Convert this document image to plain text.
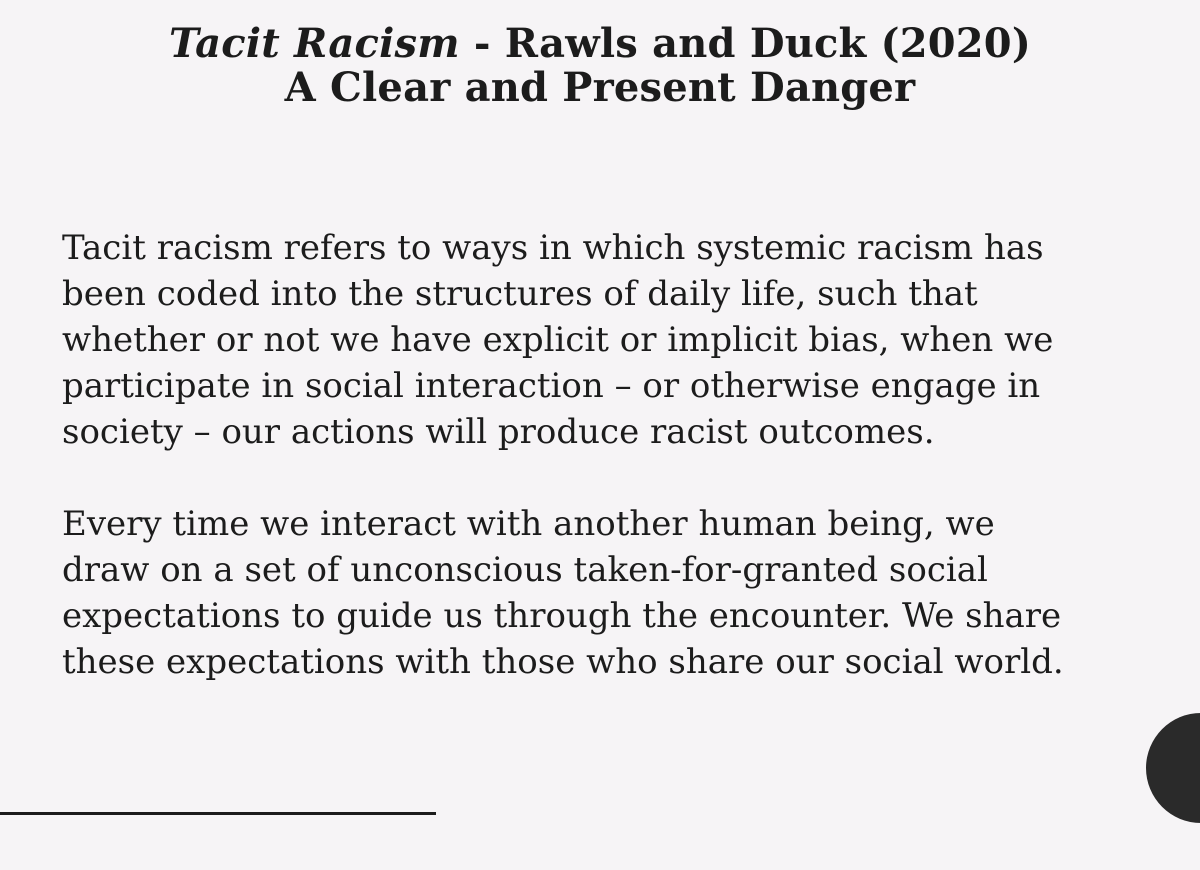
Tacit Racism - Rawls and Duck (2020)
A Clear and Present Danger

Tacit racism refers to ways in which systemic racism has
been coded into the structures of daily life, such that
whether or not we have explicit or implicit bias, when we
participate in social interaction – or otherwise engage in
society – our actions will produce racist outcomes.

Every time we interact with another human being, we
draw on a set of unconscious taken-for-granted social
expectations to guide us through the encounter. We share
these expectations with those who share our social world.
